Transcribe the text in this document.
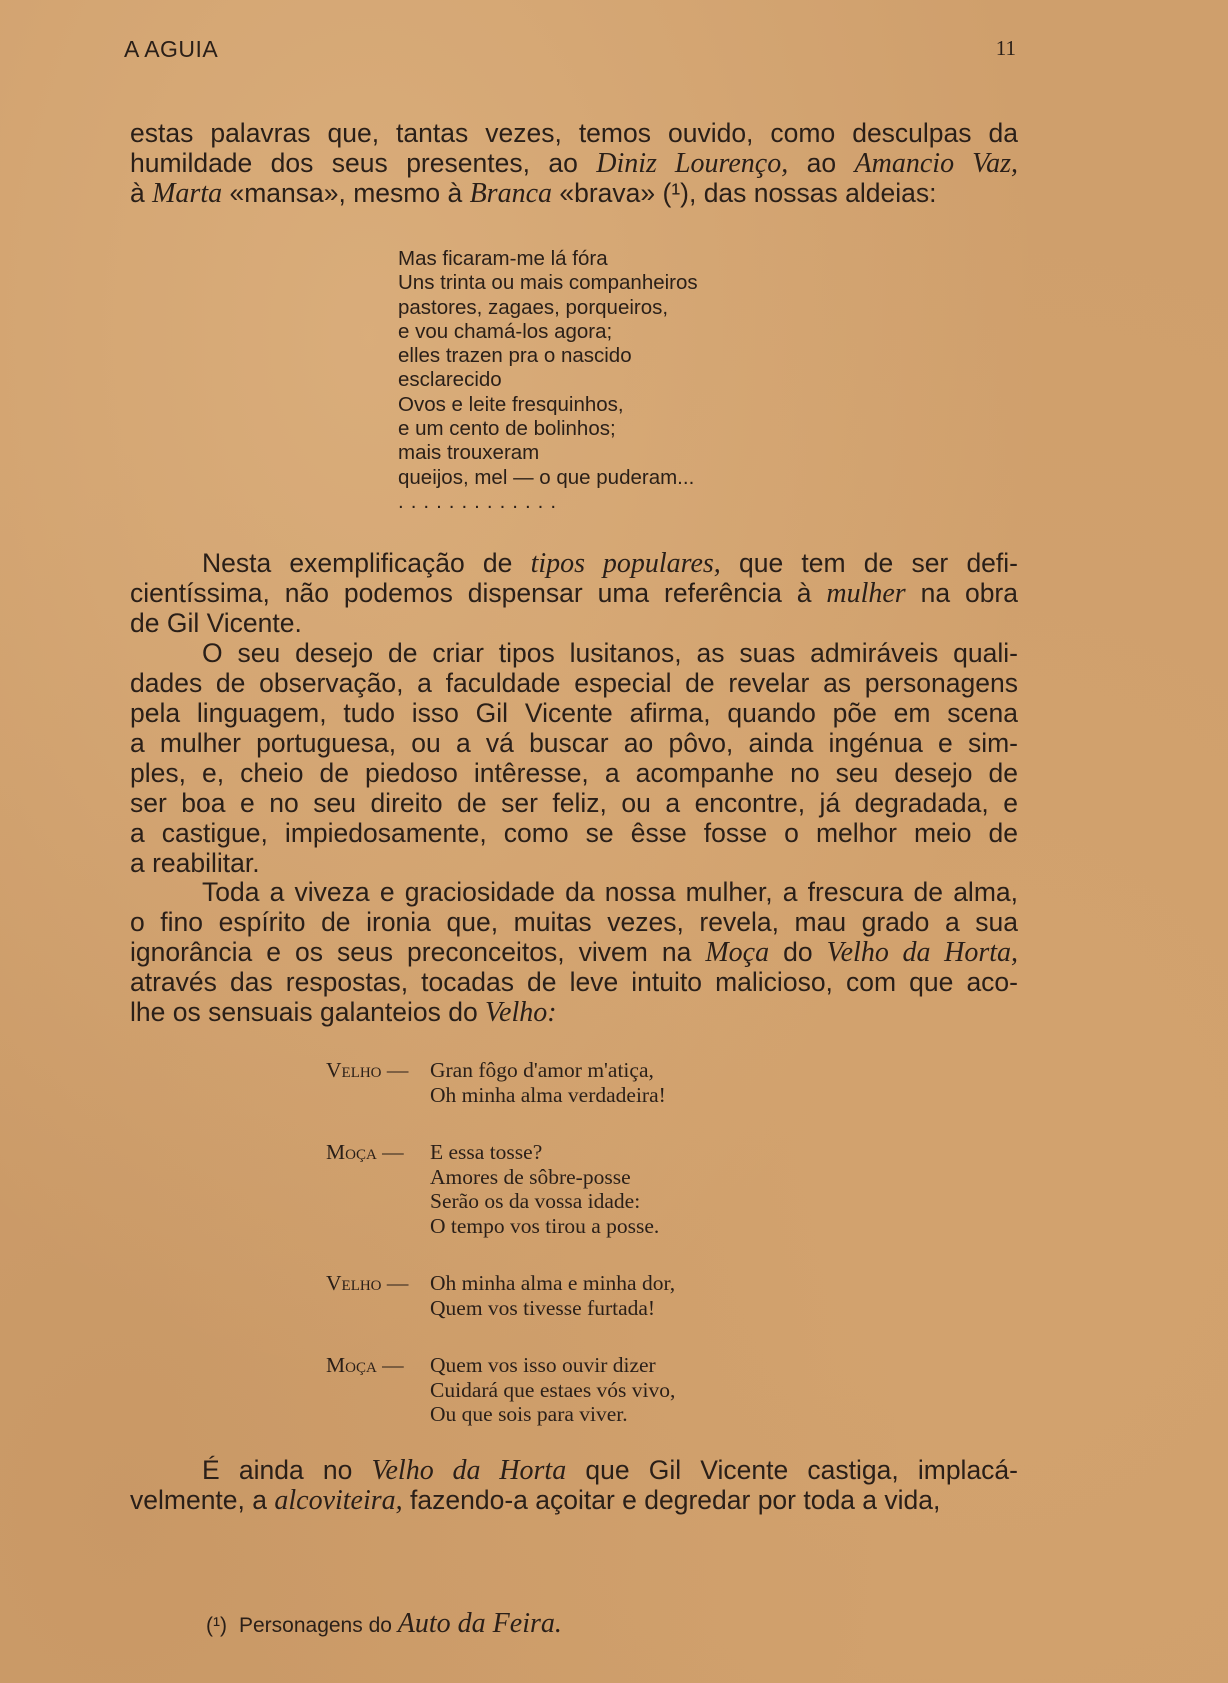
A AGUIA	11
estas palavras que, tantas vezes, temos ouvido, como desculpas da
humildade dos seus presentes, ao Diniz Lourenço, ao Amancio Vaz,
à Marta «mansa», mesmo à Branca «brava» (¹), das nossas aldeias:
Mas ficaram-me lá fóra
Uns trinta ou mais companheiros
pastores, zagaes, porqueiros,
e vou chamá-los agora;
elles trazen pra o nascido
esclarecido
Ovos e leite fresquinhos,
e um cento de bolinhos;
mais trouxeram
queijos, mel — o que puderam...
.............
Nesta exemplificação de tipos populares, que tem de ser defi-
cientíssima, não podemos dispensar uma referência à mulher na obra
de Gil Vicente.
O seu desejo de criar tipos lusitanos, as suas admiráveis quali-
dades de observação, a faculdade especial de revelar as personagens
pela linguagem, tudo isso Gil Vicente afirma, quando põe em scena
a mulher portuguesa, ou a vá buscar ao pôvo, ainda ingénua e sim-
ples, e, cheio de piedoso intêresse, a acompanhe no seu desejo de
ser boa e no seu direito de ser feliz, ou a encontre, já degradada, e
a castigue, impiedosamente, como se êsse fosse o melhor meio de
a reabilitar.
Toda a viveza e graciosidade da nossa mulher, a frescura de alma,
o fino espírito de ironia que, muitas vezes, revela, mau grado a sua
ignorância e os seus preconceitos, vivem na Moça do Velho da Horta,
através das respostas, tocadas de leve intuito malicioso, com que aco-
lhe os sensuais galanteios do Velho:
Velho —Gran fôgo d'amor m'atiça,
Oh minha alma verdadeira!
Moça —E essa tosse?
Amores de sôbre-posse
Serão os da vossa idade:
O tempo vos tirou a posse.
Velho —Oh minha alma e minha dor,
Quem vos tivesse furtada!
Moça —Quem vos isso ouvir dizer
Cuidará que estaes vós vivo,
Ou que sois para viver.
É ainda no Velho da Horta que Gil Vicente castiga, implacá-
velmente, a alcoviteira, fazendo-a açoitar e degredar por toda a vida,
(¹) Personagens do Auto da Feira.
